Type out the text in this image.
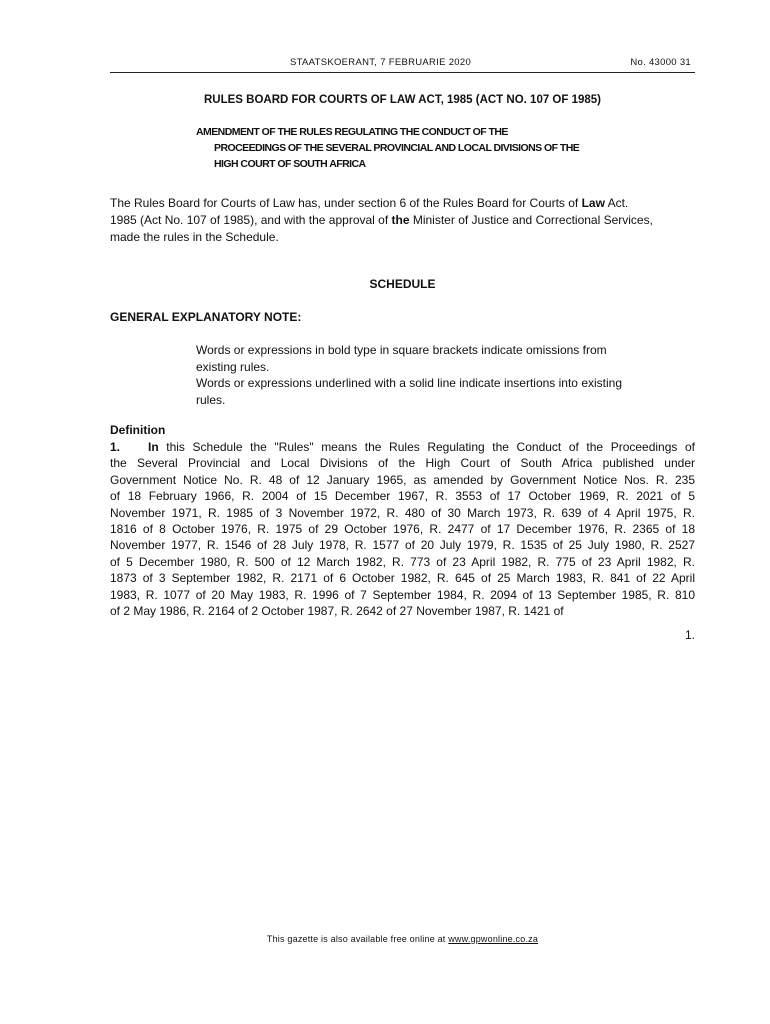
STAATSKOERANT, 7 FEBRUARIE 2020	No. 43000 31
RULES BOARD FOR COURTS OF LAW ACT, 1985 (ACT NO. 107 OF 1985)
AMENDMENT OF THE RULES REGULATING THE CONDUCT OF THE
PROCEEDINGS OF THE SEVERAL PROVINCIAL AND LOCAL DIVISIONS OF THE
HIGH COURT OF SOUTH AFRICA
The Rules Board for Courts of Law has, under section 6 of the Rules Board for Courts of Law Act.
1985 (Act No. 107 of 1985), and with the approval of the Minister of Justice and Correctional Services,
made the rules in the Schedule.
SCHEDULE
GENERAL EXPLANATORY NOTE:
Words or expressions in bold type in square brackets indicate omissions from
existing rules.
Words or expressions underlined with a solid line indicate insertions into existing
rules.
Definition
1. In this Schedule the "Rules" means the Rules Regulating the Conduct of the Proceedings of
the Several Provincial and Local Divisions of the High Court of South Africa published under
Government Notice No. R. 48 of 12 January 1965, as amended by Government Notice Nos. R. 235
of 18 February 1966, R. 2004 of 15 December 1967, R. 3553 of 17 October 1969, R. 2021 of 5
November 1971, R. 1985 of 3 November 1972, R. 480 of 30 March 1973, R. 639 of 4 April 1975, R.
1816 of 8 October 1976, R. 1975 of 29 October 1976, R. 2477 of 17 December 1976, R. 2365 of 18
November 1977, R. 1546 of 28 July 1978, R. 1577 of 20 July 1979, R. 1535 of 25 July 1980, R. 2527
of 5 December 1980, R. 500 of 12 March 1982, R. 773 of 23 April 1982, R. 775 of 23 April 1982, R.
1873 of 3 September 1982, R. 2171 of 6 October 1982, R. 645 of 25 March 1983, R. 841 of 22 April
1983, R. 1077 of 20 May 1983, R. 1996 of 7 September 1984, R. 2094 of 13 September 1985, R. 810
of 2 May 1986, R. 2164 of 2 October 1987, R. 2642 of 27 November 1987, R. 1421 of
1.
This gazette is also available free online at www.gpwonline.co.za
